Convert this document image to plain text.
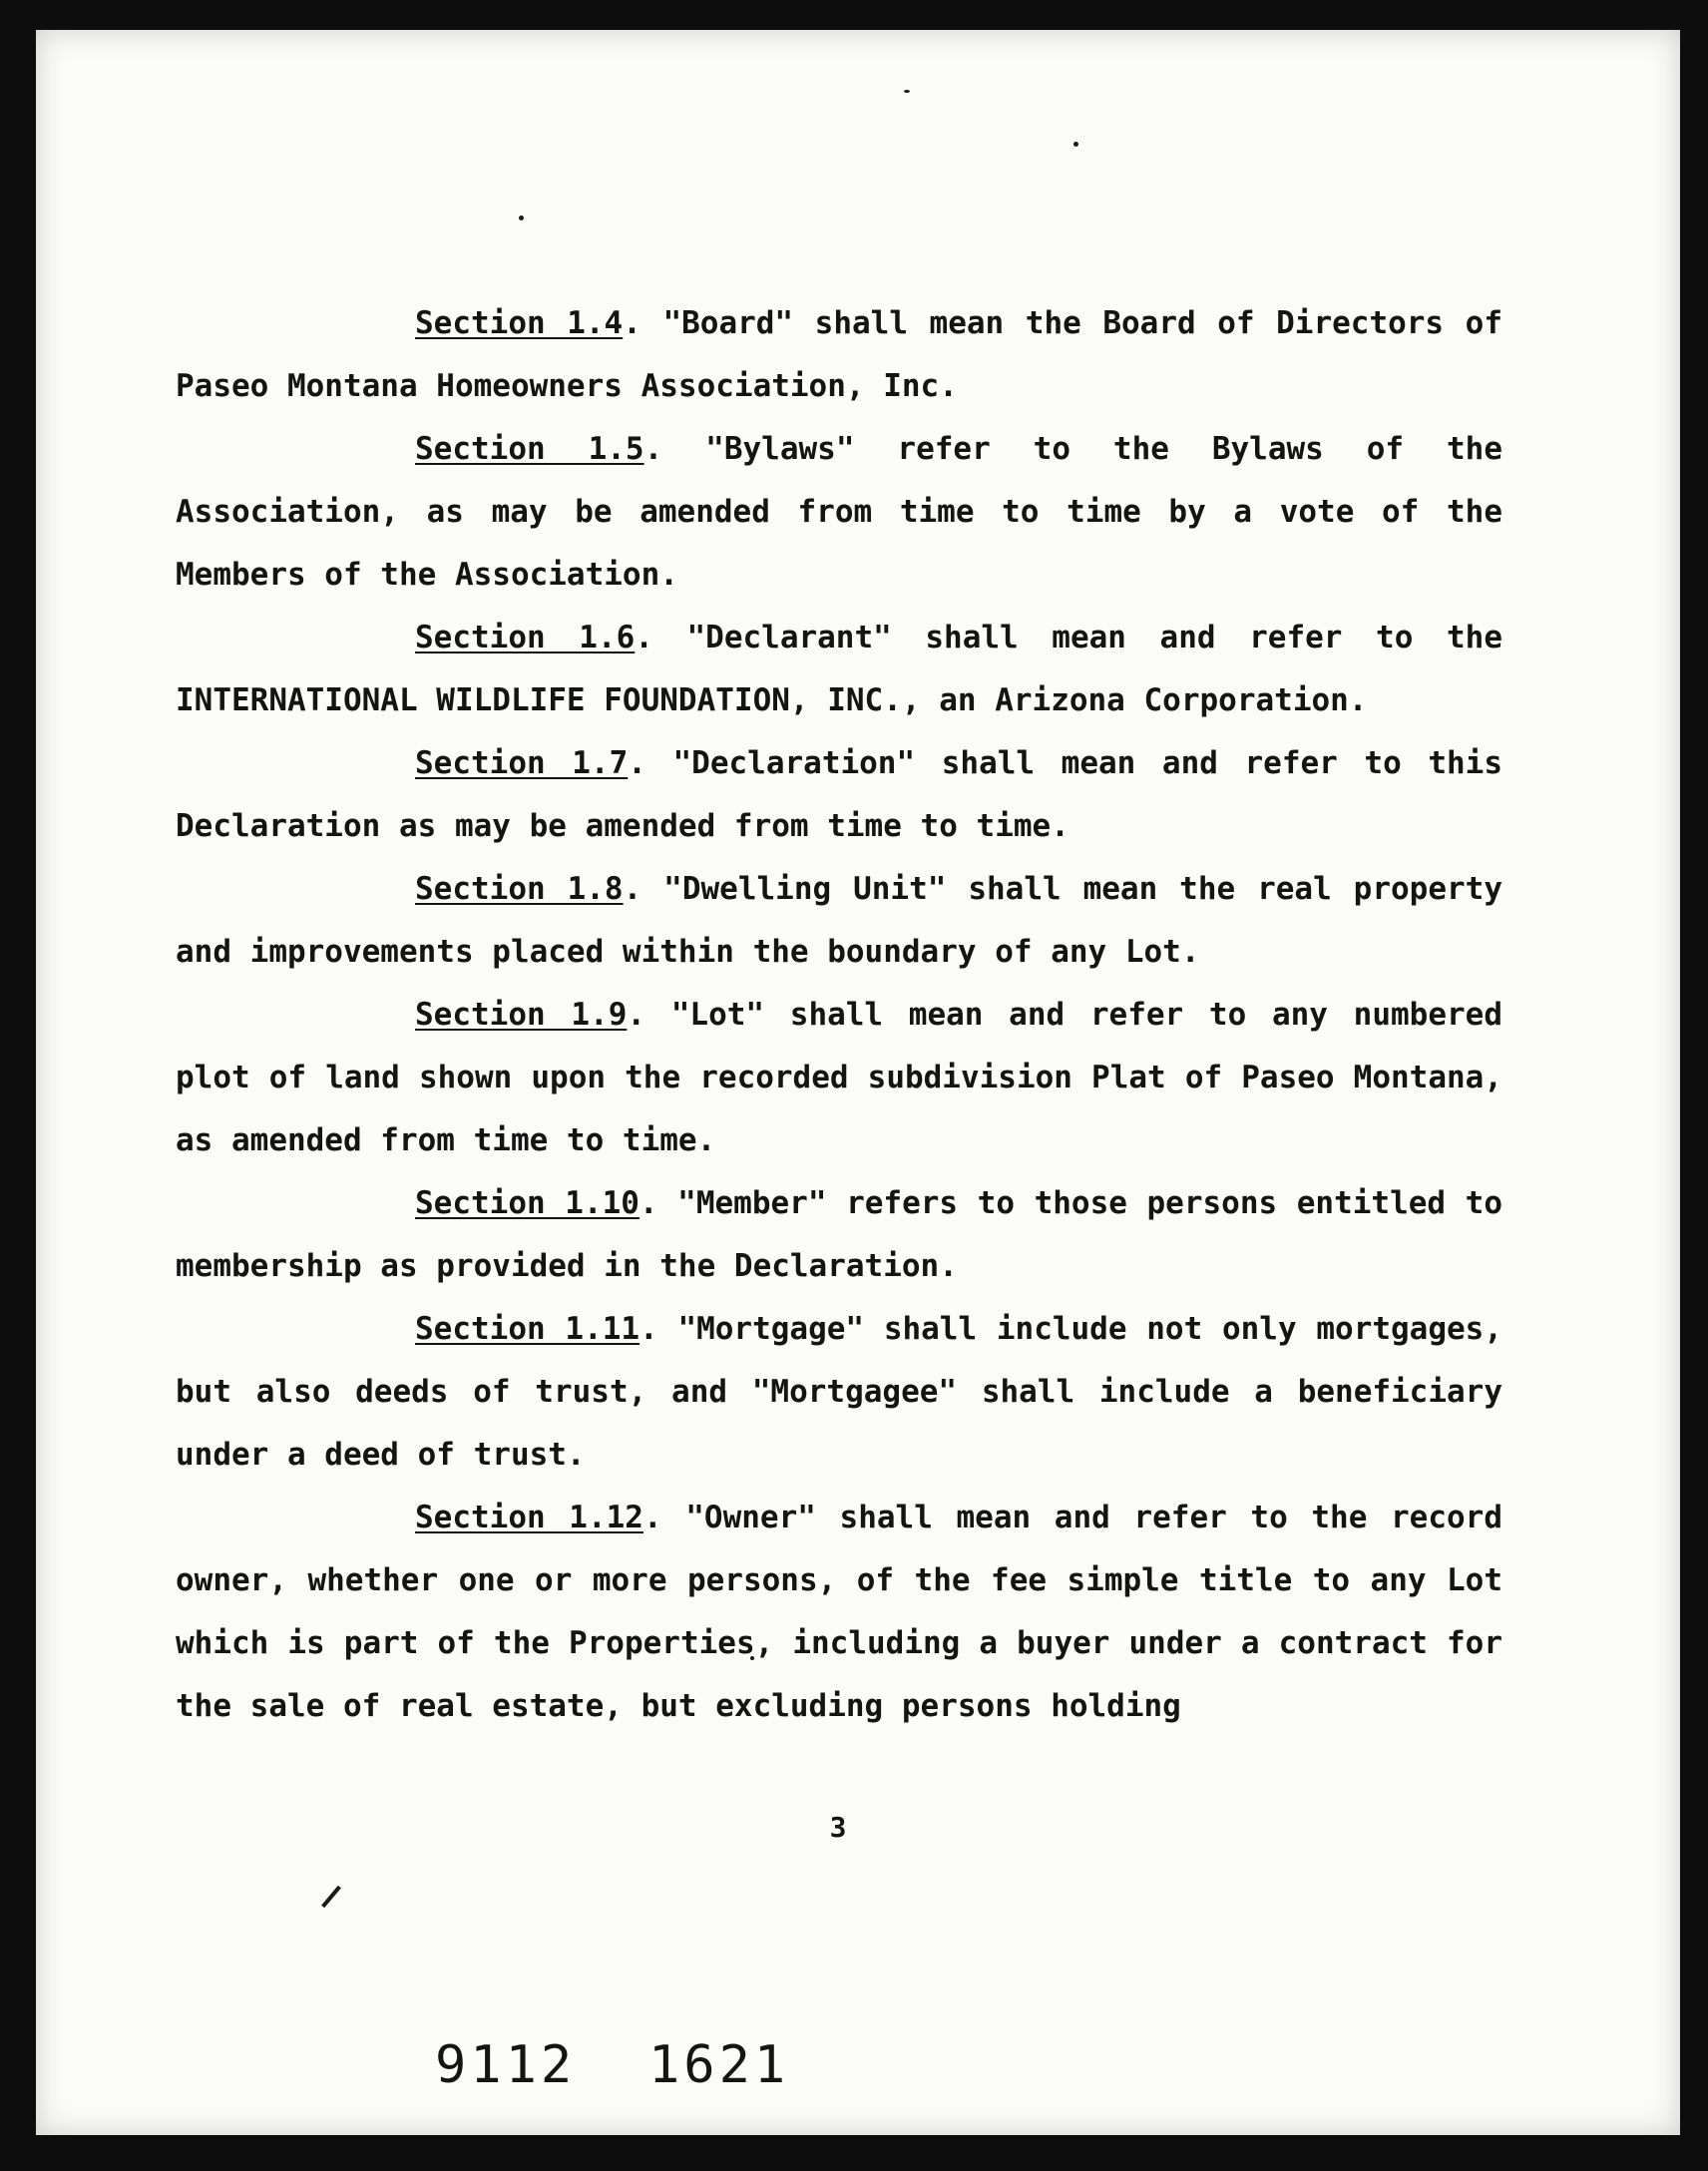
Section 1.4. "Board" shall mean the Board of Directors of Paseo Montana Homeowners Association, Inc.

Section 1.5. "Bylaws" refer to the Bylaws of the Association, as may be amended from time to time by a vote of the Members of the Association.

Section 1.6. "Declarant" shall mean and refer to the INTERNATIONAL WILDLIFE FOUNDATION, INC., an Arizona Corporation.

Section 1.7. "Declaration" shall mean and refer to this Declaration as may be amended from time to time.

Section 1.8. "Dwelling Unit" shall mean the real property and improvements placed within the boundary of any Lot.

Section 1.9. "Lot" shall mean and refer to any numbered plot of land shown upon the recorded subdivision Plat of Paseo Montana, as amended from time to time.

Section 1.10. "Member" refers to those persons entitled to membership as provided in the Declaration.

Section 1.11. "Mortgage" shall include not only mortgages, but also deeds of trust, and "Mortgagee" shall include a beneficiary under a deed of trust.

Section 1.12. "Owner" shall mean and refer to the record owner, whether one or more persons, of the fee simple title to any Lot which is part of the Properties, including a buyer under a contract for the sale of real estate, but excluding persons holding

3
9112 1621
